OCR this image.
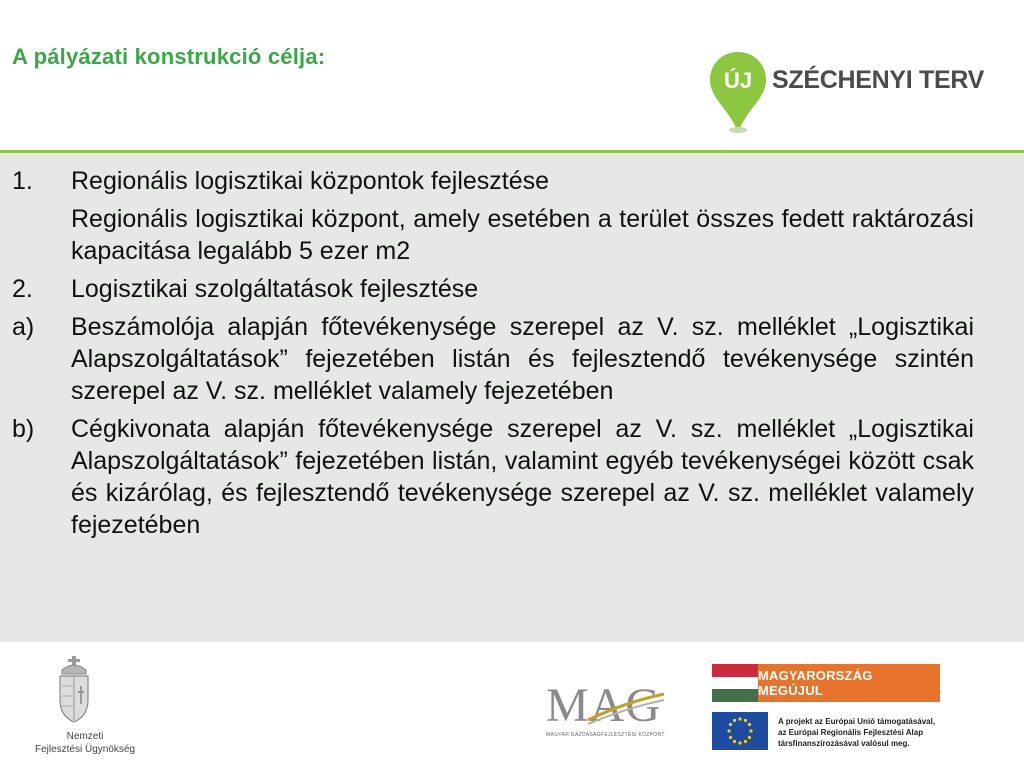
A pályázati konstrukció célja:
ÚJ SZÉCHENYI TERV
1.	Regionális logisztikai központok fejlesztése
Regionális logisztikai központ, amely esetében a terület összes fedett raktározási kapacitása legalább 5 ezer m2
2.	Logisztikai szolgáltatások fejlesztése
a)	Beszámolója alapján főtevékenysége szerepel az V. sz. melléklet „Logisztikai Alapszolgáltatások” fejezetében listán és fejlesztendő tevékenysége szintén szerepel az V. sz. melléklet valamely fejezetében
b)	Cégkivonata alapján főtevékenysége szerepel az V. sz. melléklet „Logisztikai Alapszolgáltatások” fejezetében listán, valamint egyéb tevékenységei között csak és kizárólag, és fejlesztendő tevékenysége szerepel az V. sz. melléklet valamely fejezetében
Nemzeti
Fejlesztési Ügynökség
MAG
MAGYAR GAZDASÁGFEJLESZTÉSI KÖZPONT
MAGYARORSZÁG MEGÚJUL
A projekt az Európai Unió támogatásával,
az Európai Regionális Fejlesztési Alap
társfinanszírozásával valósul meg.
